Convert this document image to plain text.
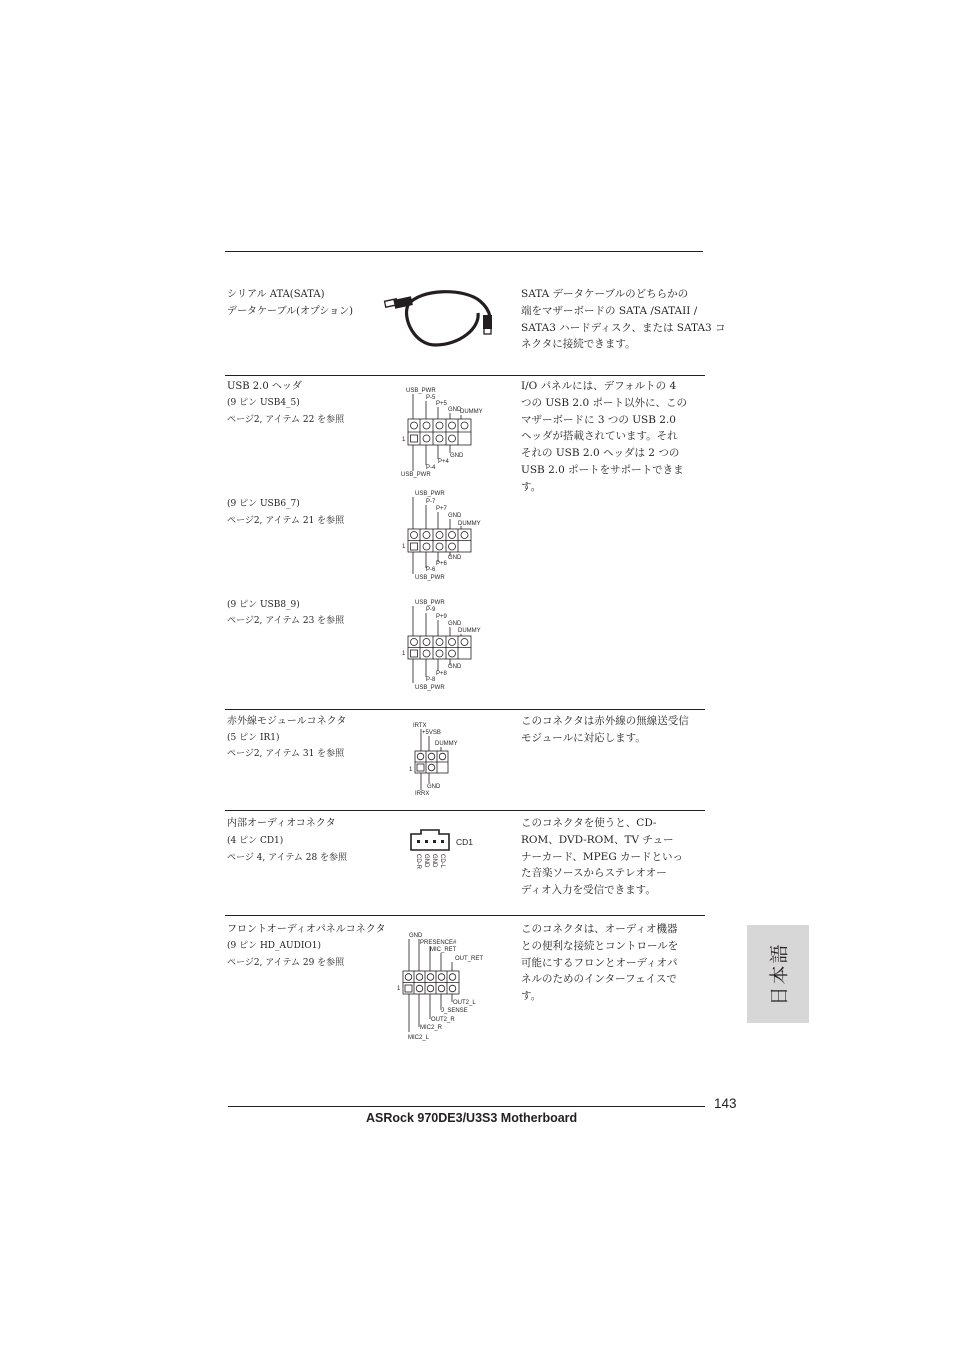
シリアル ATA(SATA)
データケーブル(オプション)
SATA データケーブルのどちらかの
端をマザーボードの SATA /SATAII /
SATA3 ハードディスク、または SATA3 コ
ネクタに接続できます。
USB 2.0 ヘッダ
(9 ピン USB4_5)
ページ2, アイテム 22 を参照
(9 ピン USB6_7)
ページ2, アイテム 21 を参照
(9 ピン USB8_9)
ページ2, アイテム 23 を参照
I/O パネルには、デフォルトの 4
つの USB 2.0 ポート以外に、この
マザーボードに 3 つの USB 2.0
ヘッダが搭載されています。それ
それの USB 2.0 ヘッダは 2 つの
USB 2.0 ポートをサポートできま
す。
USB_PWR
P-5
P+5
GND
DUMMY
1
GND
P+4
P-4
USB_PWR
USB_PWR
P-7
P+7
GND
DUMMY
1
GND
P+6
P-6
USB_PWR
USB_PWR
P-9
P+9
GND
DUMMY
1
GND
P+8
P-8
USB_PWR
赤外線モジュールコネクタ
(5 ピン IR1)
ページ2, アイテム 31 を参照
このコネクタは赤外線の無線送受信
モジュールに対応します。
IRTX
+5VSB
DUMMY
1
GND
IRRX
内部オーディオコネクタ
(4 ピン CD1)
ページ 4, アイテム 28 を参照
このコネクタを使うと、CD-
ROM、DVD-ROM、TV チュー
ナーカード、MPEG カードといっ
た音楽ソースからステレオオー
ディオ入力を受信できます。
CD1
CD-R GND GND CD-L
フロントオーディオパネルコネクタ
(9 ピン HD_AUDIO1)
ページ2, アイテム 29 を参照
このコネクタは、オーディオ機器
との便利な接続とコントロールを
可能にするフロンとオーディオパ
ネルのためのインターフェイスで
す。
GND
PRESENCE#
MIC_RET
OUT_RET
1
OUT2_L
J_SENSE
OUT2_R
MIC2_R
MIC2_L
日本語
143
ASRock 970DE3/U3S3 Motherboard
